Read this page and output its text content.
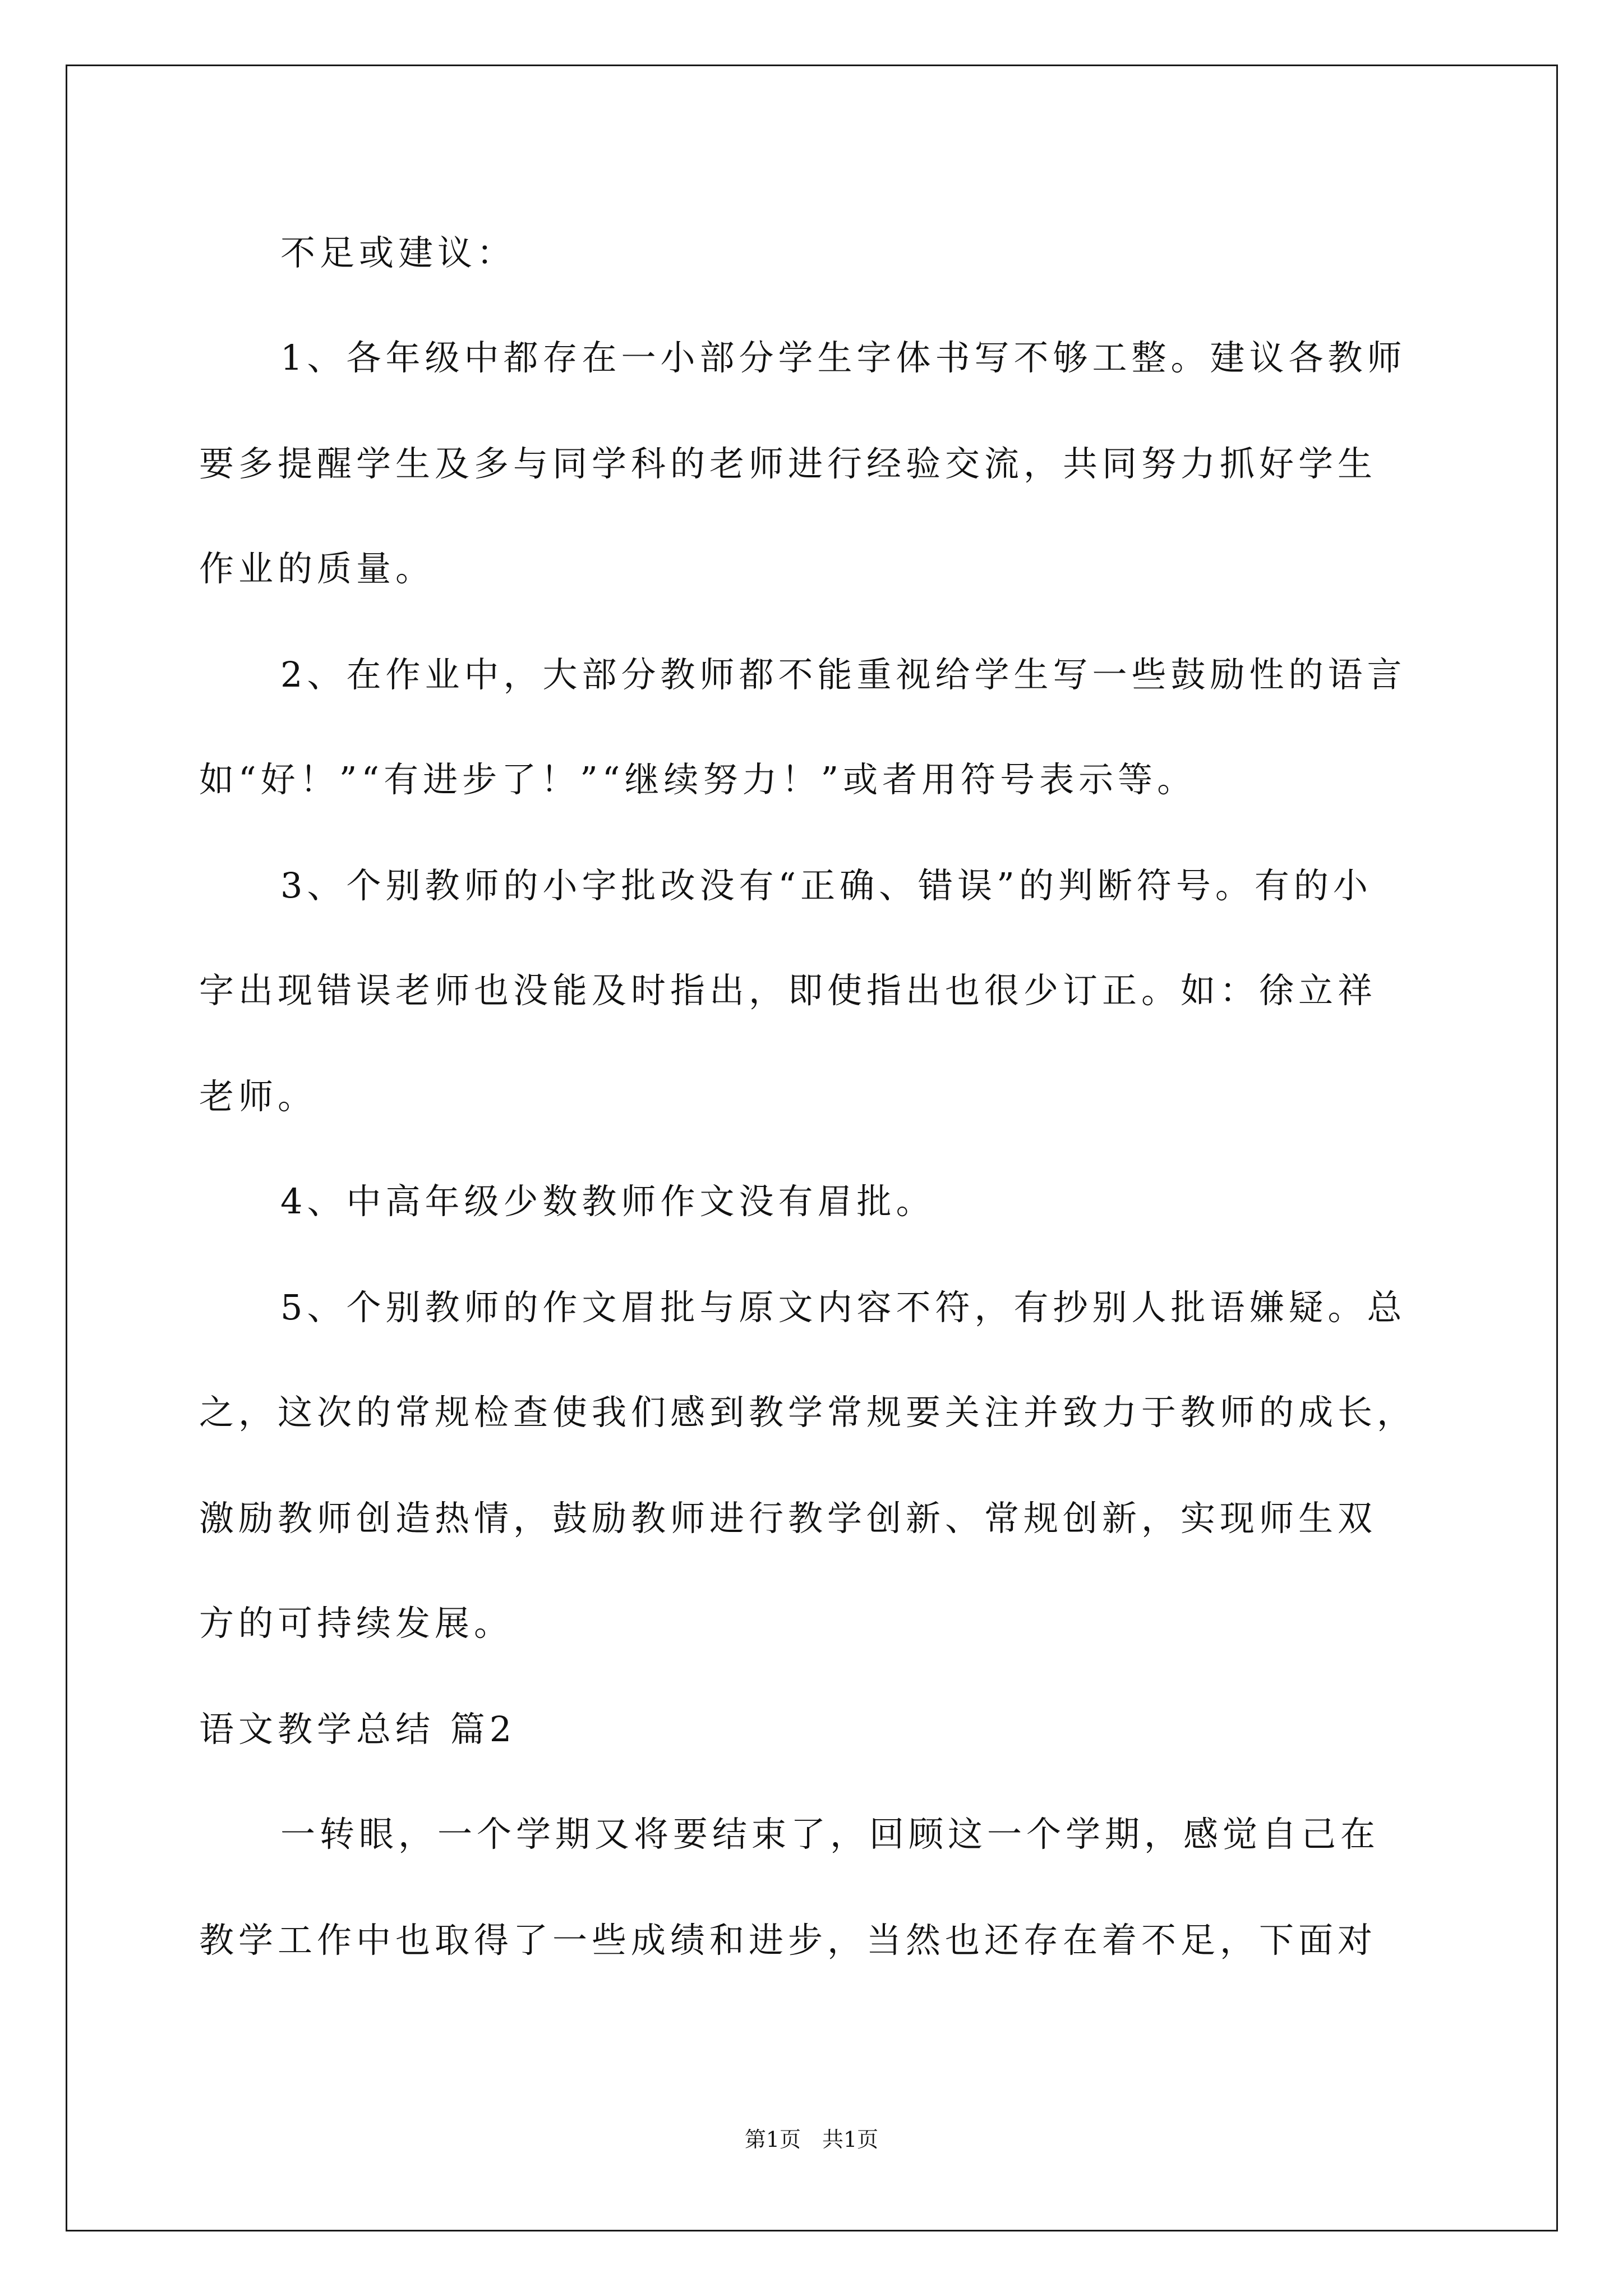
不足或建议：

1、各年级中都存在一小部分学生字体书写不够工整。建议各教师

要多提醒学生及多与同学科的老师进行经验交流，共同努力抓好学生

作业的质量。

2、在作业中，大部分教师都不能重视给学生写一些鼓励性的语言

如“好！”“有进步了！”“继续努力！”或者用符号表示等。

3、个别教师的小字批改没有“正确、错误”的判断符号。有的小

字出现错误老师也没能及时指出，即使指出也很少订正。如：徐立祥

老师。

4、中高年级少数教师作文没有眉批。

5、个别教师的作文眉批与原文内容不符，有抄别人批语嫌疑。总

之，这次的常规检查使我们感到教学常规要关注并致力于教师的成长，

激励教师创造热情，鼓励教师进行教学创新、常规创新，实现师生双

方的可持续发展。

语文教学总结 篇2

一转眼，一个学期又将要结束了，回顾这一个学期，感觉自己在

教学工作中也取得了一些成绩和进步，当然也还存在着不足，下面对

第1页　共1页
